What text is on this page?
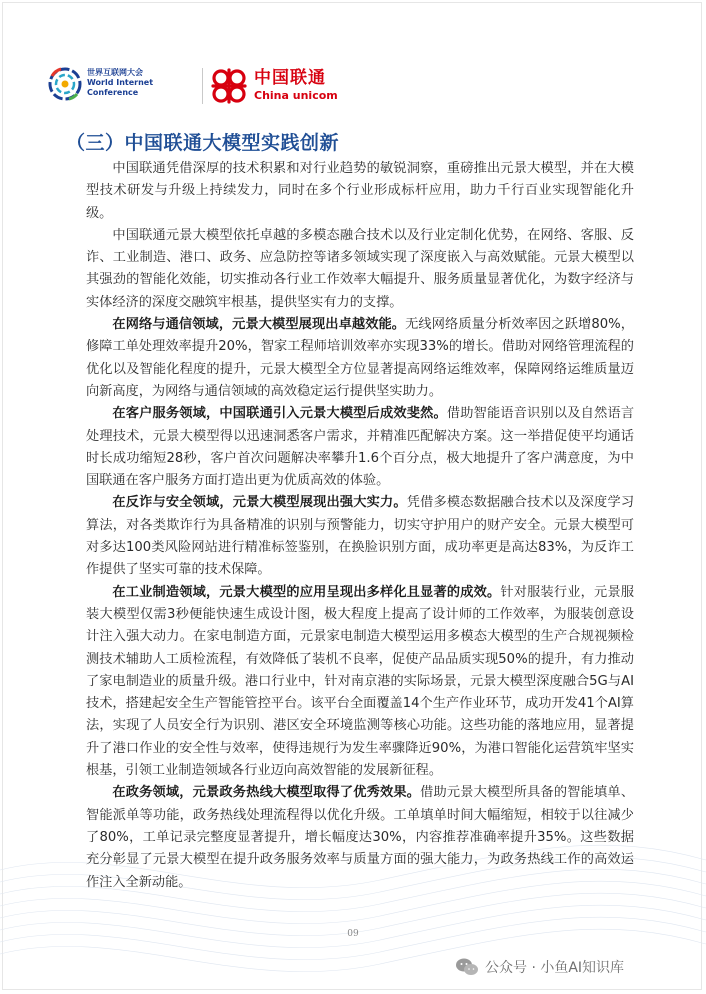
世界互联网大会
World Internet
Conference
中国联通
China unicom
（三）中国联通大模型实践创新

中国联通凭借深厚的技术积累和对行业趋势的敏锐洞察，重磅推出元景大模型，并在大模型技术研发与升级上持续发力，同时在多个行业形成标杆应用，助力千行百业实现智能化升级。

中国联通元景大模型依托卓越的多模态融合技术以及行业定制化优势，在网络、客服、反诈、工业制造、港口、政务、应急防控等诸多领域实现了深度嵌入与高效赋能。元景大模型以其强劲的智能化效能，切实推动各行业工作效率大幅提升、服务质量显著优化，为数字经济与实体经济的深度交融筑牢根基，提供坚实有力的支撑。

在网络与通信领域，元景大模型展现出卓越效能。无线网络质量分析效率因之跃增80%，修障工单处理效率提升20%，智家工程师培训效率亦实现33%的增长。借助对网络管理流程的优化以及智能化程度的提升，元景大模型全方位显著提高网络运维效率，保障网络运维质量迈向新高度，为网络与通信领域的高效稳定运行提供坚实助力。

在客户服务领域，中国联通引入元景大模型后成效斐然。借助智能语音识别以及自然语言处理技术，元景大模型得以迅速洞悉客户需求，并精准匹配解决方案。这一举措促使平均通话时长成功缩短28秒，客户首次问题解决率攀升1.6个百分点，极大地提升了客户满意度，为中国联通在客户服务方面打造出更为优质高效的体验。

在反诈与安全领域，元景大模型展现出强大实力。凭借多模态数据融合技术以及深度学习算法，对各类欺诈行为具备精准的识别与预警能力，切实守护用户的财产安全。元景大模型可对多达100类风险网站进行精准标签鉴别，在换脸识别方面，成功率更是高达83%，为反诈工作提供了坚实可靠的技术保障。

在工业制造领域，元景大模型的应用呈现出多样化且显著的成效。针对服装行业，元景服装大模型仅需3秒便能快速生成设计图，极大程度上提高了设计师的工作效率，为服装创意设计注入强大动力。在家电制造方面，元景家电制造大模型运用多模态大模型的生产合规视频检测技术辅助人工质检流程，有效降低了装机不良率，促使产品品质实现50%的提升，有力推动了家电制造业的质量升级。港口行业中，针对南京港的实际场景，元景大模型深度融合5G与AI技术，搭建起安全生产智能管控平台。该平台全面覆盖14个生产作业环节，成功开发41个AI算法，实现了人员安全行为识别、港区安全环境监测等核心功能。这些功能的落地应用，显著提升了港口作业的安全性与效率，使得违规行为发生率骤降近90%，为港口智能化运营筑牢坚实根基，引领工业制造领域各行业迈向高效智能的发展新征程。

在政务领域，元景政务热线大模型取得了优秀效果。借助元景大模型所具备的智能填单、智能派单等功能，政务热线处理流程得以优化升级。工单填单时间大幅缩短，相较于以往减少了80%，工单记录完整度显著提升，增长幅度达30%，内容推荐准确率提升35%。这些数据充分彰显了元景大模型在提升政务服务效率与质量方面的强大能力，为政务热线工作的高效运作注入全新动能。

09
公众号 · 小鱼AI知识库
